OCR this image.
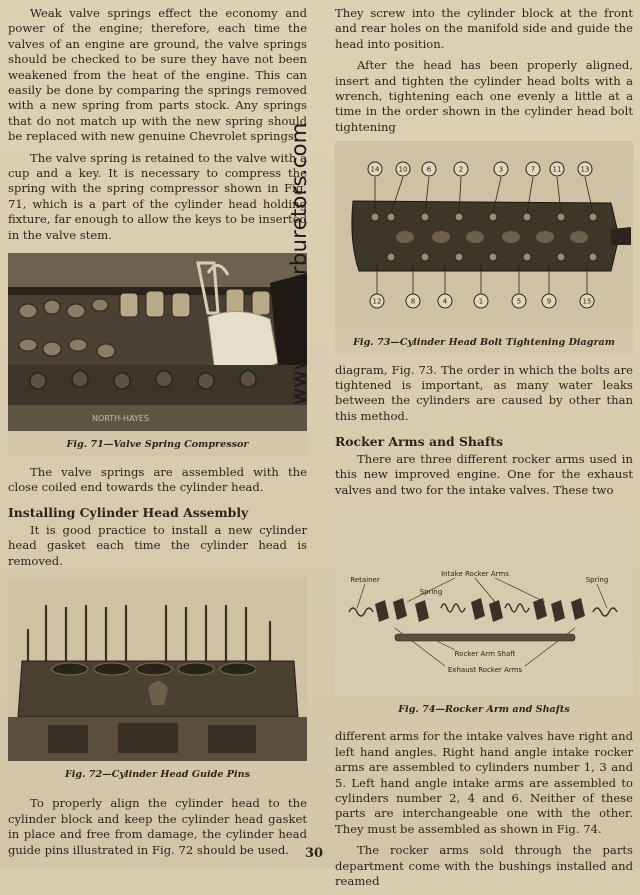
Weak valve springs effect the economy and power of the engine; therefore, each time the valves of an engine are ground, the valve springs should be checked to be sure they have not been weakened from the heat of the engine. This can easily be done by comparing the springs removed with a new spring from parts stock. Any springs that do not match up with the new spring should be replaced with new genuine Chevrolet springs.

The valve spring is retained to the valve with a cup and a key. It is necessary to compress the spring with the spring compressor shown in Fig. 71, which is a part of the cylinder head holding fixture, far enough to allow the keys to be inserted in the valve stem.

NORTH-HAYES
Fig. 71—Valve Spring Compressor

The valve springs are assembled with the close coiled end towards the cylinder head.

Installing Cylinder Head Assembly

It is good practice to install a new cylinder head gasket each time the cylinder head is removed.

Fig. 72—Cylinder Head Guide Pins

To properly align the cylinder head to the cylinder block and keep the cylinder head gasket in place and free from damage, the cylinder head guide pins illustrated in Fig. 72 should be used.

www.Old-Carburetors.com

They screw into the cylinder block at the front and rear holes on the manifold side and guide the head into position.

After the head has been properly aligned, insert and tighten the cylinder head bolts with a wrench, tightening each one evenly a little at a time in the order shown in the cylinder head bolt tightening

14	10	6	2	3	7 11	13
12	8	4	1	5	9	15
Fig. 73—Cylinder Head Bolt Tightening Diagram

diagram, Fig. 73. The order in which the bolts are tightened is important, as many water leaks between the cylinders are caused by other than this method.

Rocker Arms and Shafts

There are three different rocker arms used in this new improved engine. One for the exhaust valves and two for the intake valves. These two

Retainer
Intake Rocker Arms
Spring
Spring
Rocker Arm Shaft
Exhaust Rocker Arms
Fig. 74—Rocker Arm and Shafts

different arms for the intake valves have right and left hand angles. Right hand angle intake rocker arms are assembled to cylinders number 1, 3 and 5. Left hand angle intake arms are assembled to cylinders number 2, 4 and 6. Neither of these parts are interchangeable one with the other. They must be assembled as shown in Fig. 74.

The rocker arms sold through the parts department come with the bushings installed and reamed

30
